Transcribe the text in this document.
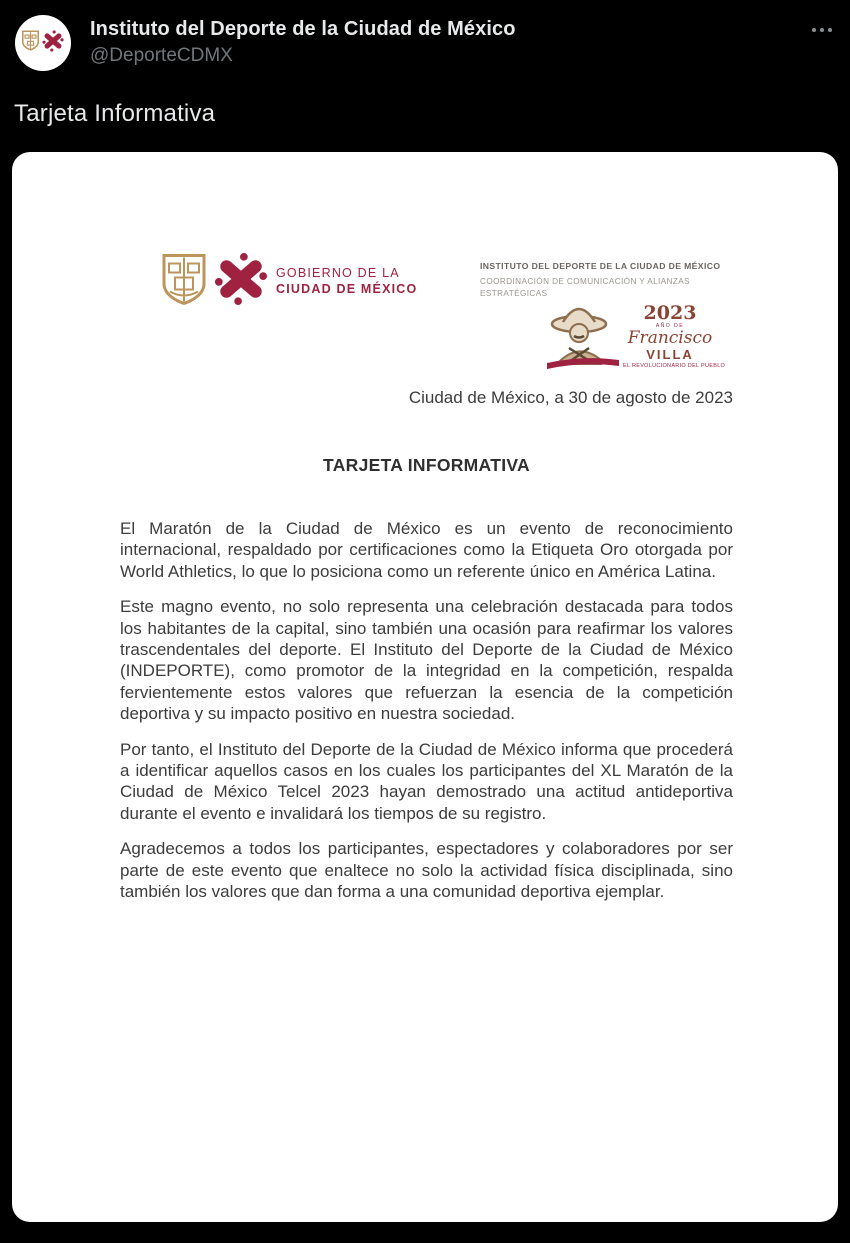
Instituto del Deporte de la Ciudad de México
@DeporteCDMX
Tarjeta Informativa
GOBIERNO DE LA
CIUDAD DE MÉXICO
INSTITUTO DEL DEPORTE DE LA CIUDAD DE MÉXICO
COORDINACIÓN DE COMUNICACIÓN Y ALIANZAS
ESTRATÉGICAS
2023
AÑO DE
Francisco
VILLA
EL REVOLUCIONARIO DEL PUEBLO
Ciudad de México, a 30 de agosto de 2023
TARJETA INFORMATIVA

El Maratón de la Ciudad de México es un evento de reconocimiento internacional, respaldado por certificaciones como la Etiqueta Oro otorgada por World Athletics, lo que lo posiciona como un referente único en América Latina.

Este magno evento, no solo representa una celebración destacada para todos los habitantes de la capital, sino también una ocasión para reafirmar los valores trascendentales del deporte. El Instituto del Deporte de la Ciudad de México (INDEPORTE), como promotor de la integridad en la competición, respalda fervientemente estos valores que refuerzan la esencia de la competición deportiva y su impacto positivo en nuestra sociedad.

Por tanto, el Instituto del Deporte de la Ciudad de México informa que procederá a identificar aquellos casos en los cuales los participantes del XL Maratón de la Ciudad de México Telcel 2023 hayan demostrado una actitud antideportiva durante el evento e invalidará los tiempos de su registro.

Agradecemos a todos los participantes, espectadores y colaboradores por ser parte de este evento que enaltece no solo la actividad física disciplinada, sino también los valores que dan forma a una comunidad deportiva ejemplar.
